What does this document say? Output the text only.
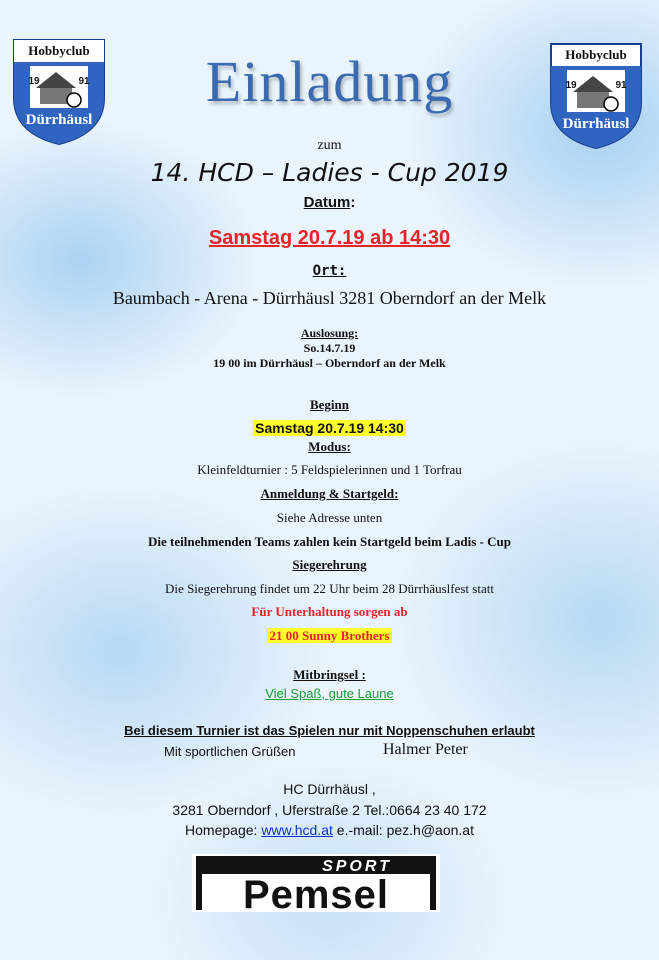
Hobbyclub
19	91
Dürrhäusl
Hobbyclub
19	91
Dürrhäusl
Einladung
zum
14. HCD – Ladies - Cup 2019
Datum:
Samstag 20.7.19 ab 14:30
Ort:
Baumbach - Arena - Dürrhäusl 3281 Oberndorf an der Melk
Auslosung:
So.14.7.19
19 00 im Dürrhäusl – Oberndorf an der Melk
Beginn
Samstag 20.7.19 14:30
Modus:
Kleinfeldturnier : 5 Feldspielerinnen und 1 Torfrau
Anmeldung & Startgeld:
Siehe Adresse unten
Die teilnehmenden Teams zahlen kein Startgeld beim Ladis - Cup
Siegerehrung
Die Siegerehrung findet um 22 Uhr beim 28 Dürrhäuslfest statt
Für Unterhaltung sorgen ab
21 00 Sunny Brothers
Mitbringsel :
Viel Spaß, gute Laune
Bei diesem Turnier ist das Spielen nur mit Noppenschuhen erlaubt
Mit sportlichen Grüßen	Halmer Peter
HC Dürrhäusl ,
3281 Oberndorf , Uferstraße 2 Tel.:0664 23 40 172
Homepage: www.hcd.at e.-mail: pez.h@aon.at
SPORT
Pemsel
